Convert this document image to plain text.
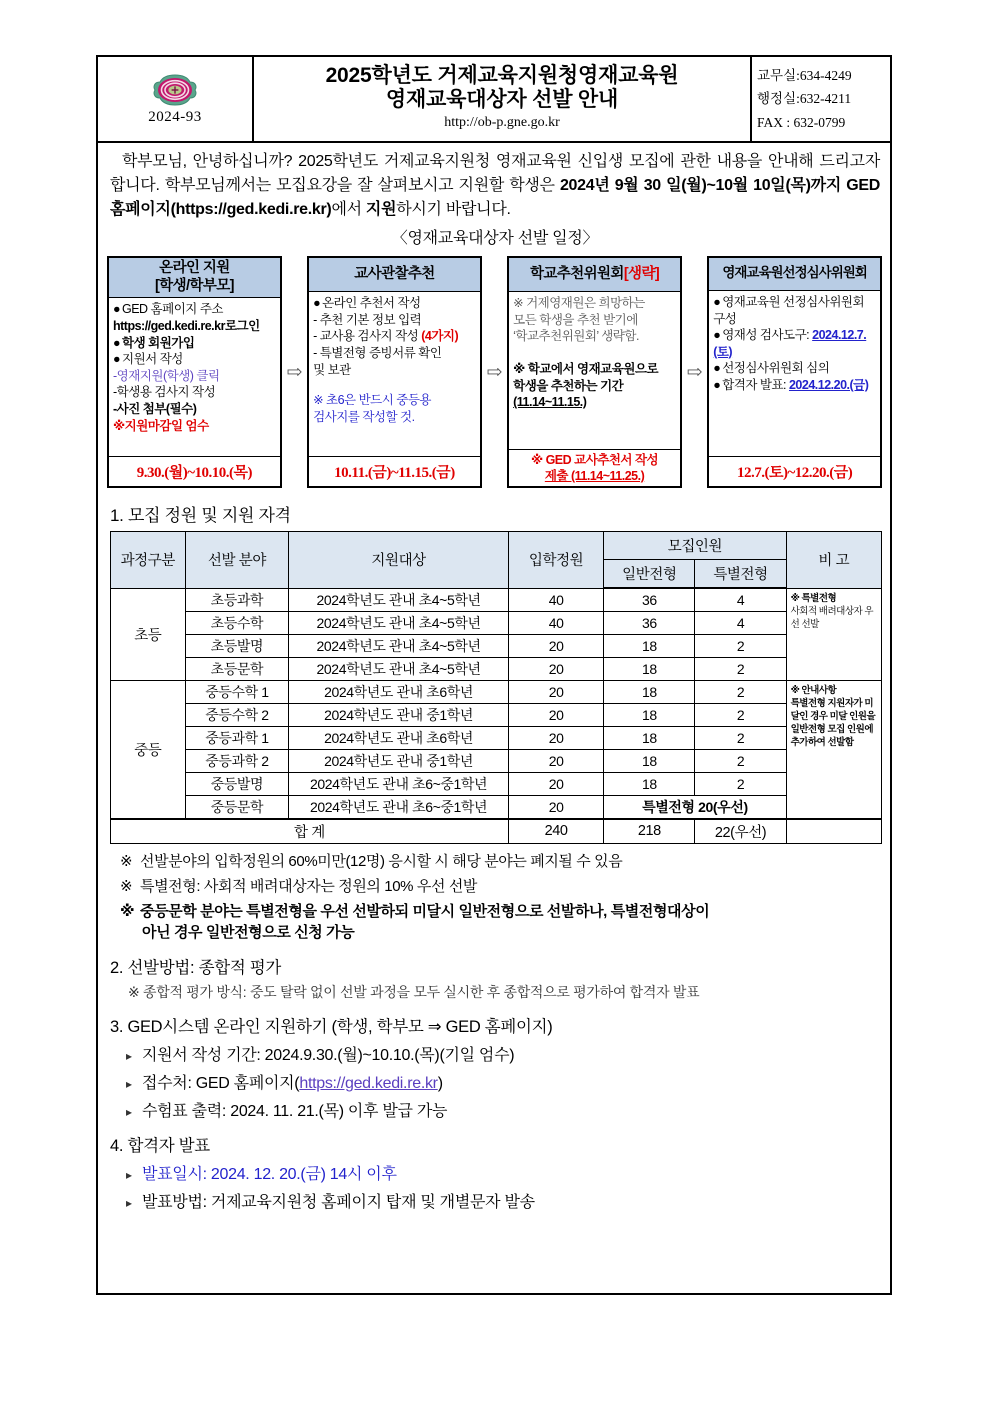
2024-93
2025학년도 거제교육지원청영재교육원
영재교육대상자 선발 안내
http://ob-p.gne.go.kr
교무실:634-4249
행정실:632-4211
FAX : 632-0799

학부모님, 안녕하십니까? 2025학년도 거제교육지원청 영재교육원 신입생 모집에 관한 내용을 안내해 드리고자 합니다. 학부모님께서는 모집요강을 잘 살펴보시고 지원할 학생은 2024년 9월 30 일(월)~10월 10일(목)까지 GED홈페이지(https://ged.kedi.re.kr)에서 지원하시기 바랍니다.

〈영재교육대상자 선발 일정〉
온라인 지원
[학생/학부모]
● GED 홈페이지 주소
https://ged.kedi.re.kr로그인
● 학생 회원가입
● 지원서 작성
-영재지원(학생) 클릭
-학생용 검사지 작성
-사진 첨부(필수)
※지원마감일 엄수
9.30.(월)~10.10.(목)
⇨
교사관찰추천
● 온라인 추천서 작성
- 추천 기본 정보 입력
- 교사용 검사지 작성 (4가지)
- 특별전형 증빙서류 확인
및 보관
※ 초6은 반드시 중등용
검사지를 작성할 것.
10.11.(금)~11.15.(금)
⇨
학교추천위원회[생략]
※ 거제영재원은 희망하는
모든 학생을 추천 받기에
‘학교추천위원회’ 생략함.
※ 학교에서 영재교육원으로
학생을 추천하는 기간
(11.14~11.15.)
※ GED 교사추천서 작성
제출 (11.14~11.25.)
⇨
영재교육원선정심사위원회
● 영재교육원 선정심사위원회 구성
● 영재성 검사도구: 2024.12.7.(토)
● 선정심사위원회 심의
● 합격자 발표: 2024.12.20.(금)
12.7.(토)~12.20.(금)
1. 모집 정원 및 지원 자격
과정구분	선발 분야	지원대상	입학정원	모집인원		비 고
				일반전형	특별전형	
초등	초등과학	2024학년도 관내 초4~5학년	40	36	4	※ 특별전형
사회적 배려대상자 우선 선발
	초등수학	2024학년도 관내 초4~5학년	40	36	4	
	초등발명	2024학년도 관내 초4~5학년	20	18	2	
	초등문학	2024학년도 관내 초4~5학년	20	18	2	
중등	중등수학 1	2024학년도 관내 초6학년	20	18	2	※ 안내사항
특별전형 지원자가 미달인 경우 미달 인원을 일반전형 모집 인원에 추가하여 선발함
	중등수학 2	2024학년도 관내 중1학년	20	18	2	
	중등과학 1	2024학년도 관내 초6학년	20	18	2	
	중등과학 2	2024학년도 관내 중1학년	20	18	2	
	중등발명	2024학년도 관내 초6~중1학년	20	18	2	
	중등문학	2024학년도 관내 초6~중1학년	20	특별전형 20(우선)		
합 계			240	218	22(우선)	
※ 선발분야의 입학정원의 60%미만(12명) 응시할 시 해당 분야는 폐지될 수 있음
※ 특별전형: 사회적 배려대상자는 정원의 10% 우선 선발
※ 중등문학 분야는 특별전형을 우선 선발하되 미달시 일반전형으로 선발하나, 특별전형대상이
아닌 경우 일반전형으로 신청 가능
2. 선발방법: 종합적 평가
※ 종합적 평가 방식: 중도 탈락 없이 선발 과정을 모두 실시한 후 종합적으로 평가하여 합격자 발표
3. GED시스템 온라인 지원하기 (학생, 학부모 ⇒ GED 홈페이지)
▸ 지원서 작성 기간: 2024.9.30.(월)~10.10.(목)(기일 엄수)
▸ 접수처: GED 홈페이지(https://ged.kedi.re.kr)
▸ 수험표 출력: 2024. 11. 21.(목) 이후 발급 가능
4. 합격자 발표
▸ 발표일시: 2024. 12. 20.(금) 14시 이후
▸ 발표방법: 거제교육지원청 홈페이지 탑재 및 개별문자 발송
